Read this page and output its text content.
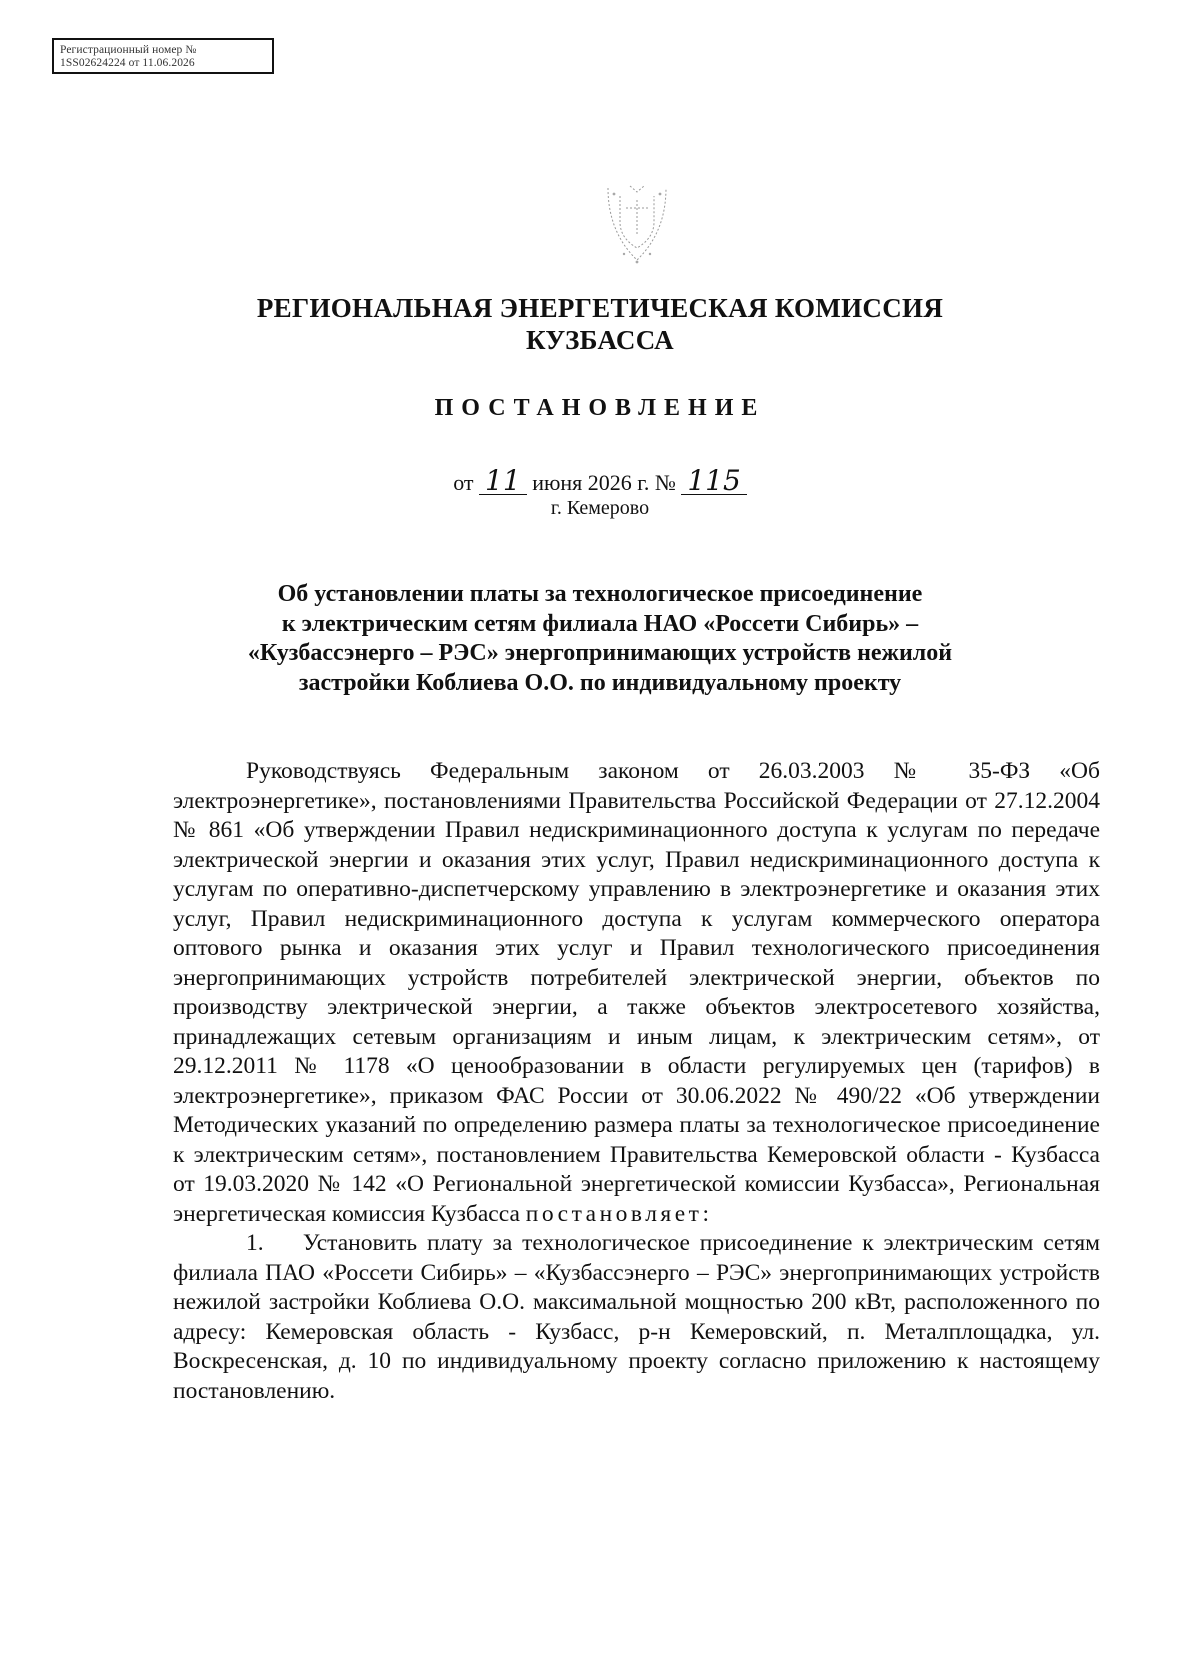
Регистрационный номер №
1SS02624224 от 11.06.2026
РЕГИОНАЛЬНАЯ ЭНЕРГЕТИЧЕСКАЯ КОМИССИЯ
КУЗБАССА
ПОСТАНОВЛЕНИЕ
от 11 июня 2026 г. № 115
г. Кемерово
Об установлении платы за технологическое присоединение
к электрическим сетям филиала НАО «Россети Сибирь» –
«Кузбассэнерго – РЭС» энергопринимающих устройств нежилой
застройки Коблиева О.О. по индивидуальному проекту

Руководствуясь Федеральным законом от 26.03.2003 № 35-ФЗ «Об электроэнергетике», постановлениями Правительства Российской Федерации от 27.12.2004 № 861 «Об утверждении Правил недискриминационного доступа к услугам по передаче электрической энергии и оказания этих услуг, Правил недискриминационного доступа к услугам по оперативно-диспетчерскому управлению в электроэнергетике и оказания этих услуг, Правил недискриминационного доступа к услугам коммерческого оператора оптового рынка и оказания этих услуг и Правил технологического присоединения энергопринимающих устройств потребителей электрической энергии, объектов по производству электрической энергии, а также объектов электросетевого хозяйства, принадлежащих сетевым организациям и иным лицам, к электрическим сетям», от 29.12.2011 № 1178 «О ценообразовании в области регулируемых цен (тарифов) в электроэнергетике», приказом ФАС России от 30.06.2022 № 490/22 «Об утверждении Методических указаний по определению размера платы за технологическое присоединение к электрическим сетям», постановлением Правительства Кемеровской области - Кузбасса от 19.03.2020 № 142 «О Региональной энергетической комиссии Кузбасса», Региональная энергетическая комиссия Кузбасса постановляет:

1. Установить плату за технологическое присоединение к электрическим сетям филиала ПАО «Россети Сибирь» – «Кузбассэнерго – РЭС» энергопринимающих устройств нежилой застройки Коблиева О.О. максимальной мощностью 200 кВт, расположенного по адресу: Кемеровская область - Кузбасс, р-н Кемеровский, п. Металплощадка, ул. Воскресенская, д. 10 по индивидуальному проекту согласно приложению к настоящему постановлению.
